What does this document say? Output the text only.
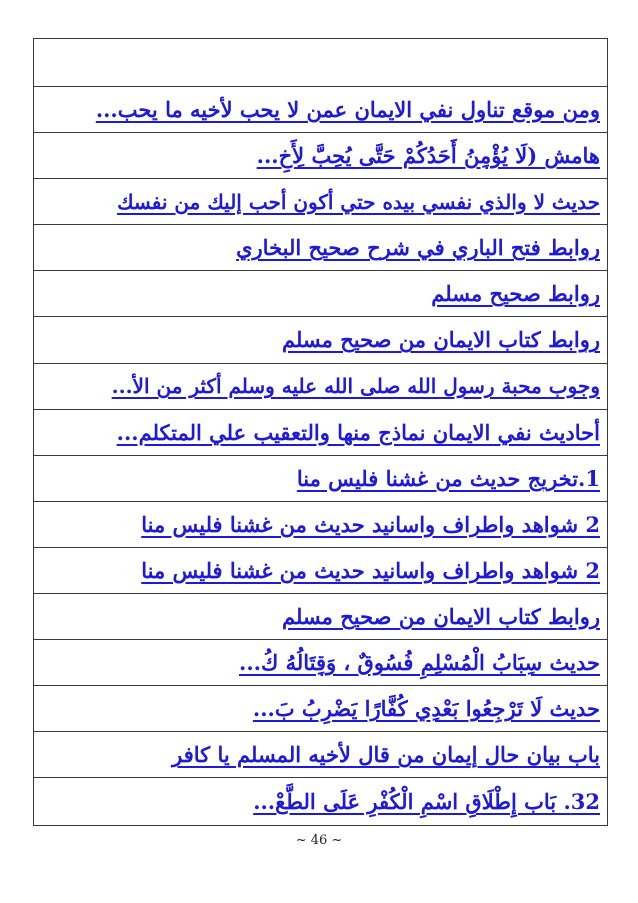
ومن موقع تناول نفي الايمان عمن لا يحب لأخيه ما يحب...
هامش (لَا يُؤْمِنُ أَحَدُكُمْ حَتَّى يُحِبَّ لِأَخِ...
حديث لا والذي نفسي بيده حتي أكون أحب إليك من نفسك
روابط فتح الباري في شرح صحيح البخاري
روابط صحيح مسلم
روابط كتاب الايمان من صحيح مسلم
وجوب محبة رسول الله صلى الله عليه وسلم أكثر من الأ...
أحاديث نفي الايمان نماذج منها والتعقيب علي المتكلم...
1.تخريج حديث من غشنا فليس منا
2 شواهد واطراف واسانيد حديث من غشنا فليس منا
2 شواهد واطراف واسانيد حديث من غشنا فليس منا
روابط كتاب الايمان من صحيح مسلم
حديث سِبَابُ الْمُسْلِمِ فُسُوقٌ ، وَقِتَالُهُ كُ...
حديث لَا تَرْجِعُوا بَعْدِي كُفَّارًا يَضْرِبُ بَ...
باب بيان حال إيمان من قال لأخيه المسلم يا كافر
32. بَاب إِطْلَاقِ اسْمِ الْكُفْرِ عَلَى الطَّعْ...
~ 46 ~
